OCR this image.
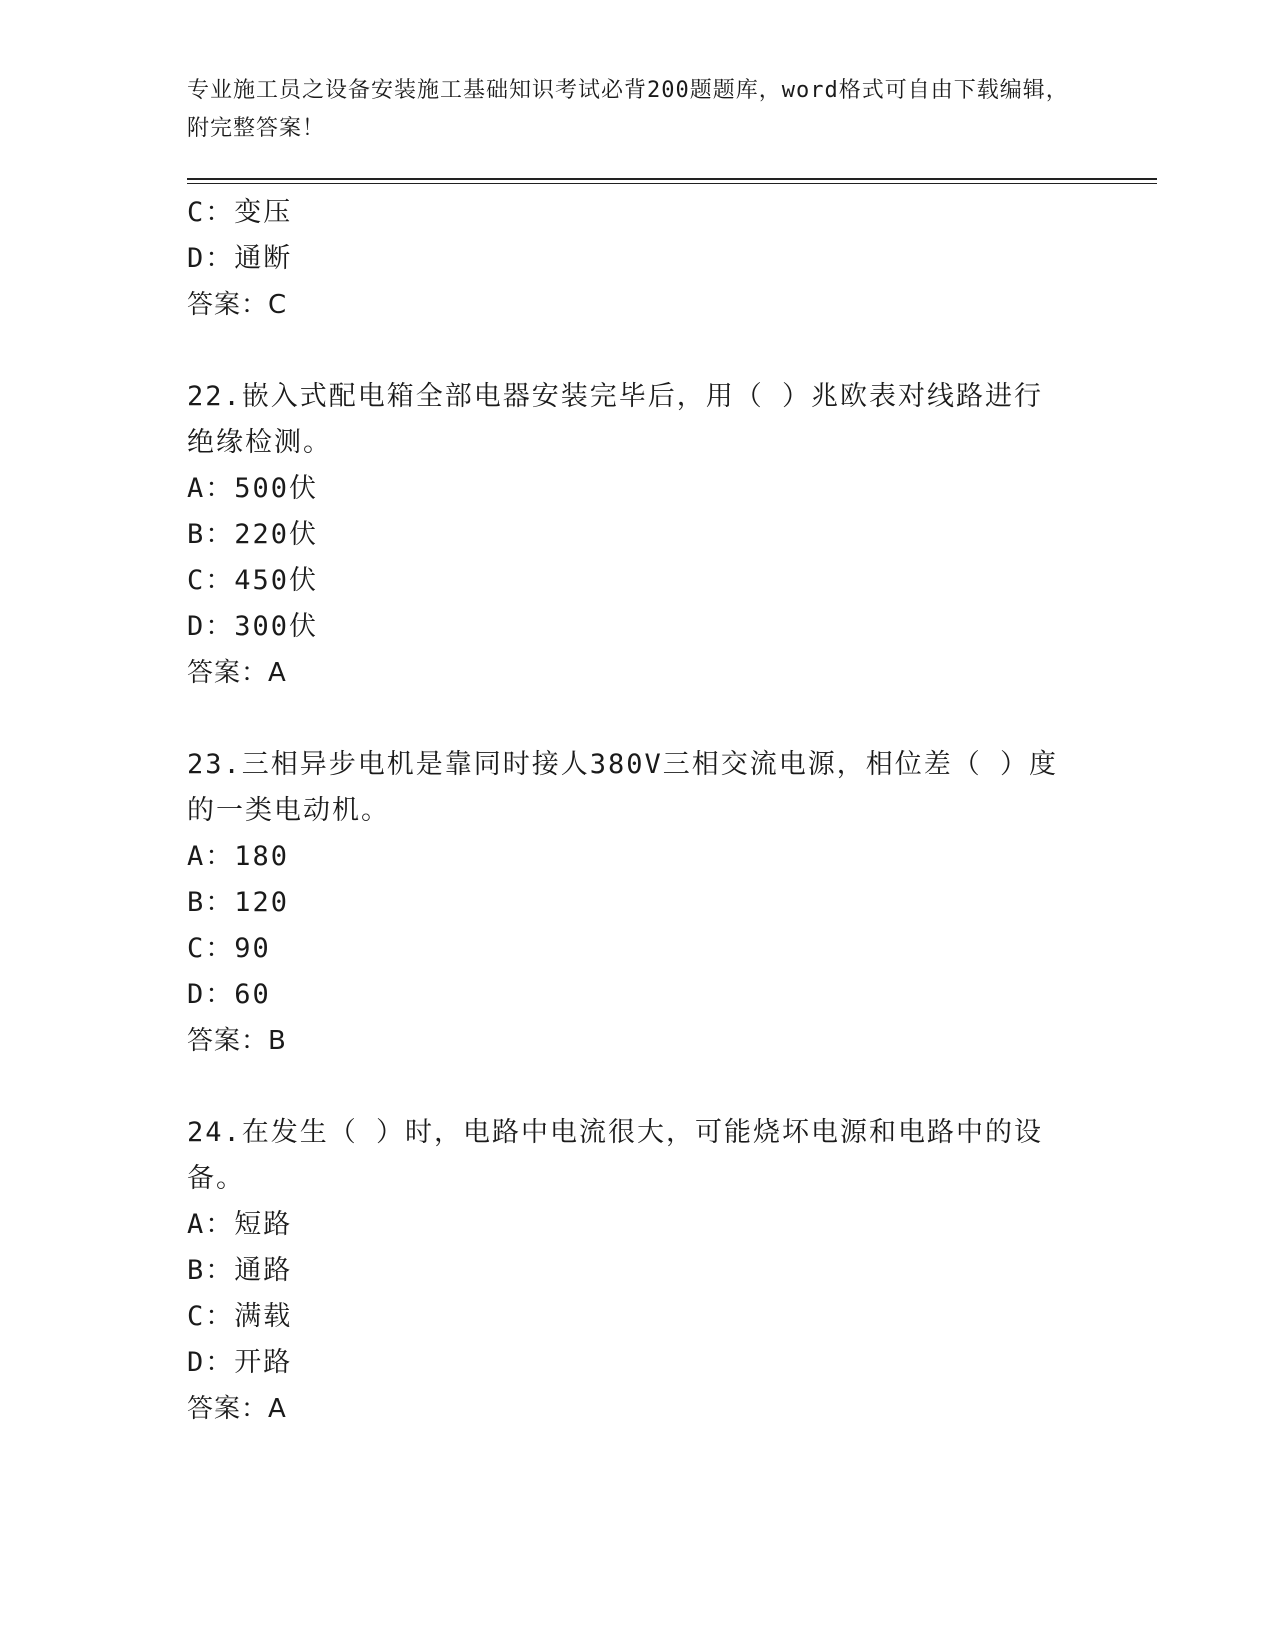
专业施工员之设备安装施工基础知识考试必背200题题库，word格式可自由下载编辑，附完整答案！
C：变压
D：通断
答案：C
22.嵌入式配电箱全部电器安装完毕后，用（ ）兆欧表对线路进行绝缘检测。
A：500伏
B：220伏
C：450伏
D：300伏
答案：A
23.三相异步电机是靠同时接人380V三相交流电源，相位差（ ）度的一类电动机。
A：180
B：120
C：90
D：60
答案：B
24.在发生（ ）时，电路中电流很大，可能烧坏电源和电路中的设备。
A：短路
B：通路
C：满载
D：开路
答案：A
